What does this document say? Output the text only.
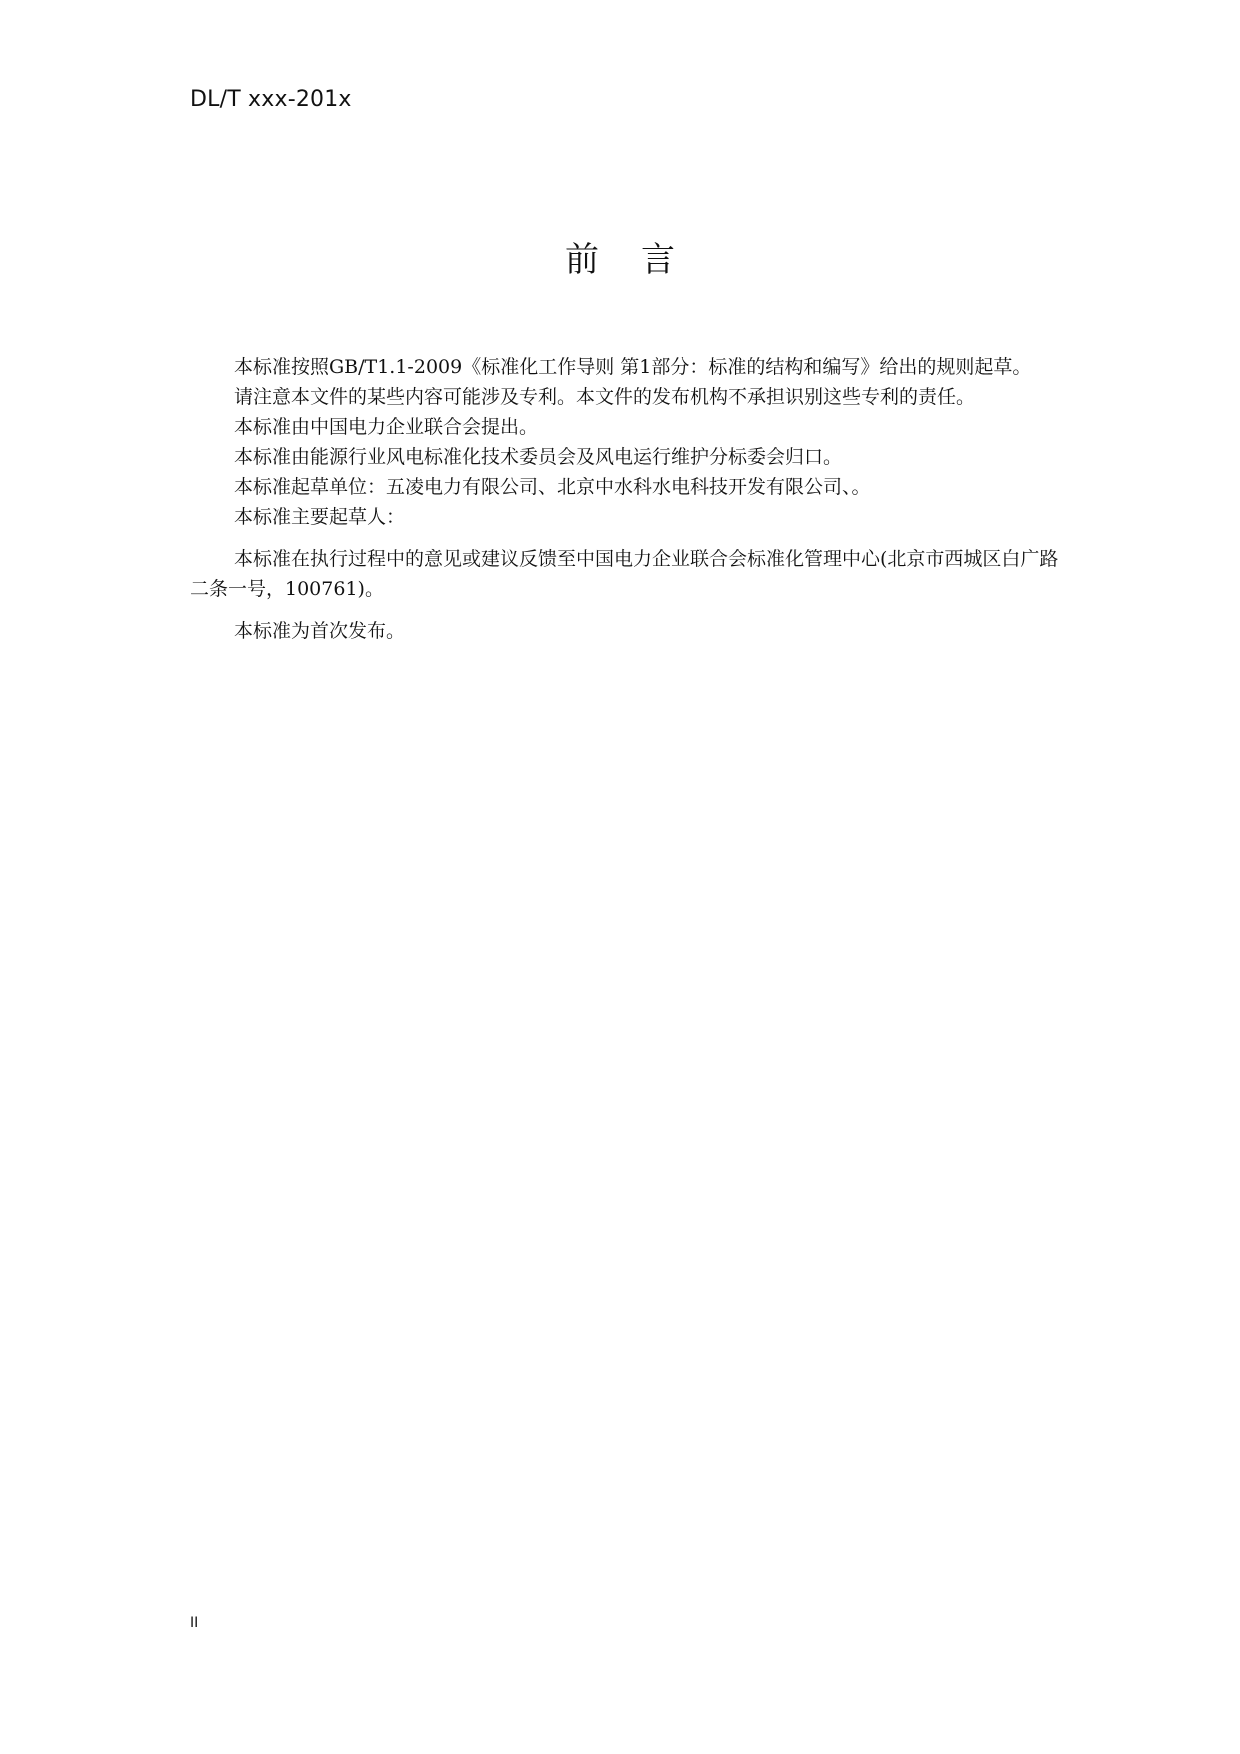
DL/T xxx-201x
前 言

本标准按照GB/T1.1-2009《标准化工作导则 第1部分：标准的结构和编写》给出的规则起草。

请注意本文件的某些内容可能涉及专利。本文件的发布机构不承担识别这些专利的责任。

本标准由中国电力企业联合会提出。

本标准由能源行业风电标准化技术委员会及风电运行维护分标委会归口。

本标准起草单位：五凌电力有限公司、北京中水科水电科技开发有限公司、。

本标准主要起草人：

本标准在执行过程中的意见或建议反馈至中国电力企业联合会标准化管理中心(北京市西城区白广路二条一号，100761)。

本标准为首次发布。

II
